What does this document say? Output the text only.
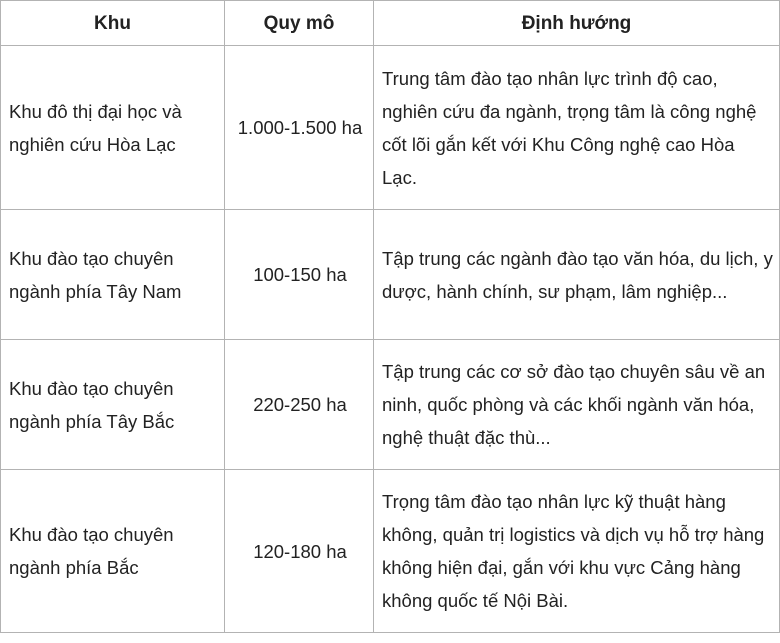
Khu	Quy mô	Định hướng
Khu đô thị đại học và nghiên cứu Hòa Lạc	1.000-1.500 ha	Trung tâm đào tạo nhân lực trình độ cao, nghiên cứu đa ngành, trọng tâm là công nghệ cốt lõi gắn kết với Khu Công nghệ cao Hòa Lạc.
Khu đào tạo chuyên ngành phía Tây Nam	100-150 ha	Tập trung các ngành đào tạo văn hóa, du lịch, y dược, hành chính, sư phạm, lâm nghiệp...
Khu đào tạo chuyên ngành phía Tây Bắc	220-250 ha	Tập trung các cơ sở đào tạo chuyên sâu về an ninh, quốc phòng và các khối ngành văn hóa, nghệ thuật đặc thù...
Khu đào tạo chuyên ngành phía Bắc	120-180 ha	Trọng tâm đào tạo nhân lực kỹ thuật hàng không, quản trị logistics và dịch vụ hỗ trợ hàng không hiện đại, gắn với khu vực Cảng hàng không quốc tế Nội Bài.
